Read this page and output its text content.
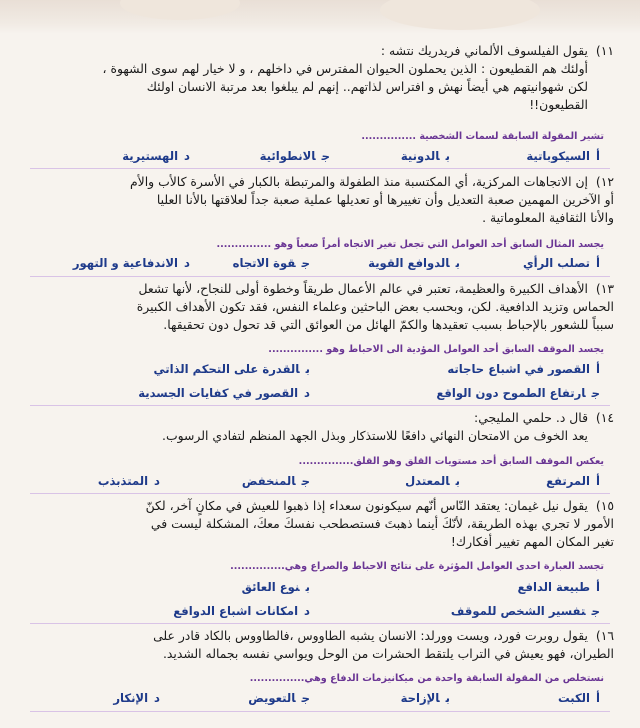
١١)يقول الفيلسوف الألماني فريدريك نتشه :
أولئك هم القطيعون : الذين يحملون الحيوان المفترس في داخلهم ، و لا خيار لهم سوى الشهوة ،
لكن شهوانيتهم هي أيضاً نهش و افتراس لذاتهم.. إنهم لم يبلغوا بعد مرتبة الانسان اولئك
القطيعون!!
تشير المقولة السابقة لسمات الشخصية ...............
أالسيكوباتية
بالدونية
جالانطوائية
دالهستيرية
١٢)إن الاتجاهات المركزية، أي المكتسبة منذ الطفولة والمرتبطة بالكبار في الأسرة كالأب والأم
أو الآخرين المهمين صعبة التعديل وأن تغييرها أو تعديلها عملية صعبة جداً لعلاقتها بالأنا العليا
والأنا الثقافية المعلوماتية .
يجسد المثال السابق أحد العوامل التي تجعل تغير الاتجاه أمراً صعباً وهو ...............
أتصلب الرأي
بالدوافع القوية
جقوة الاتجاه
دالاندفاعية و التهور
١٣)الأهداف الكبيرة والعظيمة، تعتبر في عالم الأعمال طريقاً وخطوة أولى للنجاح، لأنها تشعل
الحماس وتزيد الدافعية. لكن، وبحسب بعض الباحثين وعلماء النفس، فقد تكون الأهداف الكبيرة
سبباً للشعور بالإحباط بسبب تعقيدها والكمّ الهائل من العوائق التي قد تحول دون تحقيقها.
يجسد الموقف السابق أحد العوامل المؤدية الى الاحباط وهو ...............
أالقصور في اشباع حاجاته
بالقدرة على التحكم الذاتي
جارتفاع الطموح دون الواقع
دالقصور في كفايات الجسدية
١٤)قال د. حلمي المليجي:
يعد الخوف من الامتحان النهائي دافعًا للاستذكار وبذل الجهد المنظم لتفادي الرسوب.
يعكس الموقف السابق أحد مستويات القلق وهو القلق...............
أالمرتفع
بالمعتدل
جالمنخفض
دالمتذبذب
١٥)يقول نيل غيمان: يعتقد النّاس أنّهم سيكونون سعداء إذا ذهبوا للعيش في مكانٍ آخر، لكنّ
الأمور لا تجري بهذه الطريقة، لأنّكَ أينما ذهبتَ فستصطحب نفسكَ معكَ، المشكلة ليست في
تغير المكان المهم تغيير أفكارك!
تجسد العبارة احدى العوامل المؤثرة على نتائج الاحباط والصراع وهي...............
أطبيعة الدافع
بنوع العائق
جتفسير الشخص للموقف
دامكانات اشباع الدوافع
١٦)يقول روبرت فورد، ويست وورلد: الانسان يشبه الطاووس ،فالطاووس بالكاد قادر على
الطيران، فهو يعيش في التراب يلتقط الحشرات من الوحل ويواسي نفسه بجماله الشديد.
نستخلص من المقولة السابقة واحدة من ميكانيزمات الدفاع وهي...............
أالكبت
بالإزاحة
جالتعويض
دالإنكار
